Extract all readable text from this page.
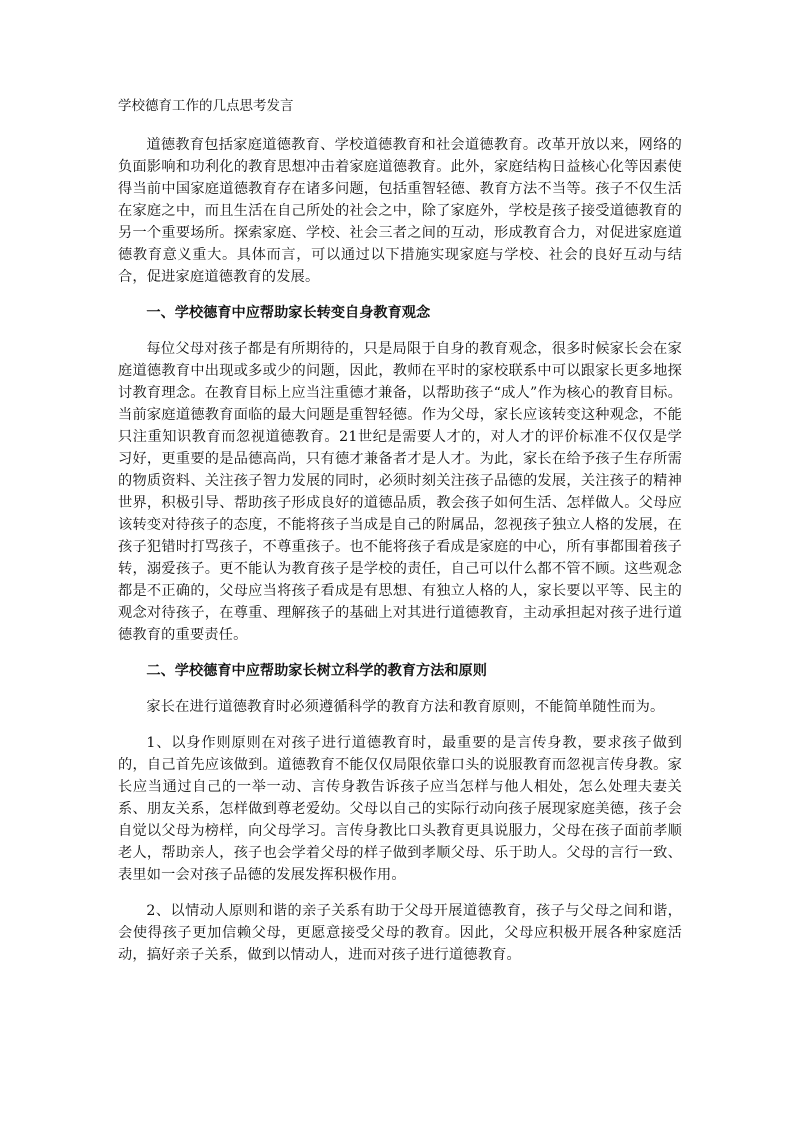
学校德育工作的几点思考发言

道德教育包括家庭道德教育、学校道德教育和社会道德教育。改革开放以来，网络的负面影响和功利化的教育思想冲击着家庭道德教育。此外，家庭结构日益核心化等因素使得当前中国家庭道德教育存在诸多问题，包括重智轻德、教育方法不当等。孩子不仅生活在家庭之中，而且生活在自己所处的社会之中，除了家庭外，学校是孩子接受道德教育的另一个重要场所。探索家庭、学校、社会三者之间的互动，形成教育合力，对促进家庭道德教育意义重大。具体而言，可以通过以下措施实现家庭与学校、社会的良好互动与结合，促进家庭道德教育的发展。

一、学校德育中应帮助家长转变自身教育观念

每位父母对孩子都是有所期待的，只是局限于自身的教育观念，很多时候家长会在家庭道德教育中出现或多或少的问题，因此，教师在平时的家校联系中可以跟家长更多地探讨教育理念。在教育目标上应当注重德才兼备，以帮助孩子“成人”作为核心的教育目标。当前家庭道德教育面临的最大问题是重智轻德。作为父母，家长应该转变这种观念，不能只注重知识教育而忽视道德教育。21世纪是需要人才的，对人才的评价标准不仅仅是学习好，更重要的是品德高尚，只有德才兼备者才是人才。为此，家长在给予孩子生存所需的物质资料、关注孩子智力发展的同时，必须时刻关注孩子品德的发展，关注孩子的精神世界，积极引导、帮助孩子形成良好的道德品质，教会孩子如何生活、怎样做人。父母应该转变对待孩子的态度，不能将孩子当成是自己的附属品，忽视孩子独立人格的发展，在孩子犯错时打骂孩子，不尊重孩子。也不能将孩子看成是家庭的中心，所有事都围着孩子转，溺爱孩子。更不能认为教育孩子是学校的责任，自己可以什么都不管不顾。这些观念都是不正确的，父母应当将孩子看成是有思想、有独立人格的人，家长要以平等、民主的观念对待孩子，在尊重、理解孩子的基础上对其进行道德教育，主动承担起对孩子进行道德教育的重要责任。

二、学校德育中应帮助家长树立科学的教育方法和原则

家长在进行道德教育时必须遵循科学的教育方法和教育原则，不能简单随性而为。

1、以身作则原则在对孩子进行道德教育时，最重要的是言传身教，要求孩子做到的，自己首先应该做到。道德教育不能仅仅局限依靠口头的说服教育而忽视言传身教。家长应当通过自己的一举一动、言传身教告诉孩子应当怎样与他人相处，怎么处理夫妻关系、朋友关系，怎样做到尊老爱幼。父母以自己的实际行动向孩子展现家庭美德，孩子会自觉以父母为榜样，向父母学习。言传身教比口头教育更具说服力，父母在孩子面前孝顺老人，帮助亲人，孩子也会学着父母的样子做到孝顺父母、乐于助人。父母的言行一致、表里如一会对孩子品德的发展发挥积极作用。

2、以情动人原则和谐的亲子关系有助于父母开展道德教育，孩子与父母之间和谐，会使得孩子更加信赖父母，更愿意接受父母的教育。因此，父母应积极开展各种家庭活动，搞好亲子关系，做到以情动人，进而对孩子进行道德教育。
